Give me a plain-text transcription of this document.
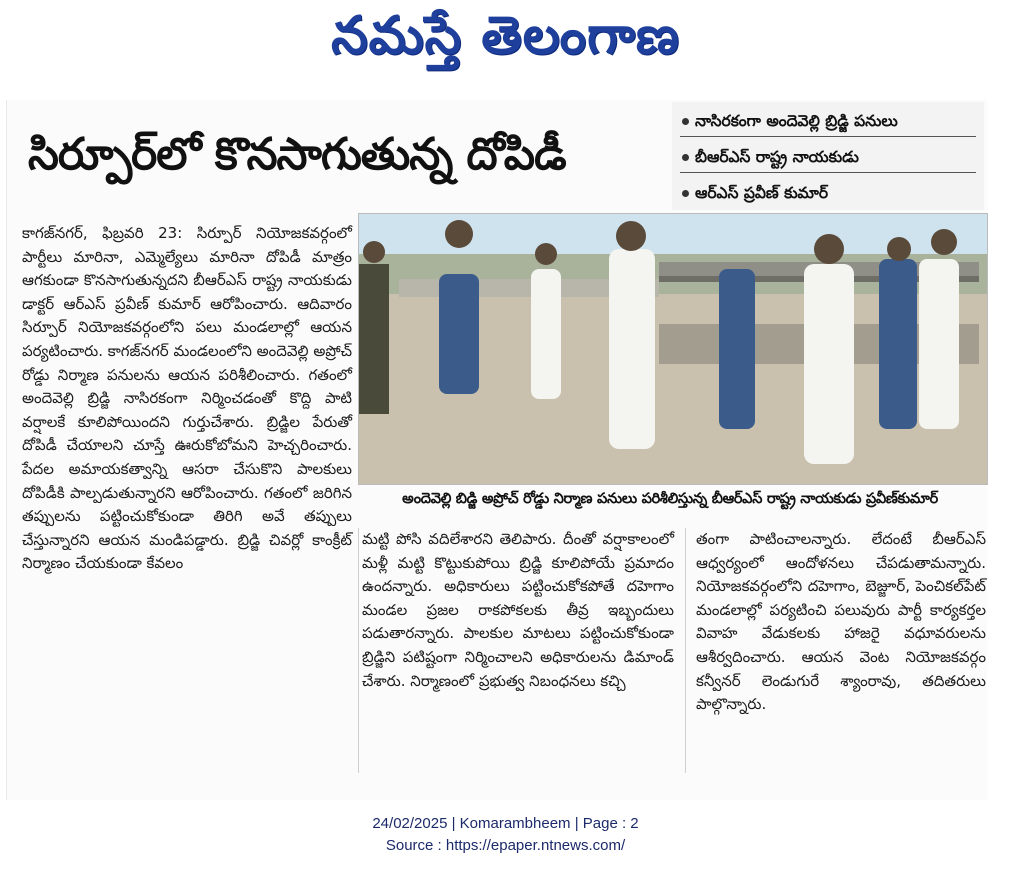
నమస్తే తెలంగాణ
సిర్పూర్‌లో కొనసాగుతున్న దోపిడీ
నాసిరకంగా అందెవెల్లి బ్రిడ్జి పనులు
బీఆర్‌ఎస్ రాష్ట్ర నాయకుడు
ఆర్‌ఎస్ ప్రవీణ్ కుమార్

కాగజ్‌నగర్, ఫిబ్రవరి 23: సిర్పూర్ నియోజకవర్గంలో పార్టీలు మారినా, ఎమ్మెల్యేలు మారినా దోపిడీ మాత్రం ఆగకుండా కొనసాగుతున్నదని బీఆర్‌ఎస్ రాష్ట్ర నాయకుడు డాక్టర్ ఆర్‌ఎస్ ప్రవీణ్ కుమార్ ఆరోపించారు. ఆదివారం సిర్పూర్ నియోజకవర్గంలోని పలు మండలాల్లో ఆయన పర్యటించారు. కాగజ్‌నగర్ మండలంలోని అందెవెల్లి అప్రోచ్ రోడ్డు నిర్మాణ పనులను ఆయన పరిశీలించారు. గతంలో అందెవెల్లి బ్రిడ్జి నాసిరకంగా నిర్మించడంతో కొద్ది పాటి వర్షాలకే కూలిపోయిందని గుర్తుచేశారు. బ్రిడ్జిల పేరుతో దోపిడీ చేయాలని చూస్తే ఊరుకోబోమని హెచ్చరించారు. పేదల అమాయకత్వాన్ని ఆసరా చేసుకొని పాలకులు దోపిడీకి పాల్పడుతున్నారని ఆరోపించారు. గతంలో జరిగిన తప్పులను పట్టించుకోకుండా తిరిగి అవే తప్పులు చేస్తున్నారని ఆయన మండిపడ్డారు. బ్రిడ్జి చివర్లో కాంక్రీట్ నిర్మాణం చేయకుండా కేవలం

అందెవెల్లి బిడ్జి అప్రోచ్ రోడ్డు నిర్మాణ పనులు పరిశీలిస్తున్న బీఆర్‌ఎస్ రాష్ట్ర నాయకుడు ప్రవీణ్‌కుమార్

మట్టి పోసి వదిలేశారని తెలిపారు. దీంతో వర్షాకాలంలో మళ్లీ మట్టి కొట్టుకుపోయి బ్రిడ్జి కూలిపోయే ప్రమాదం ఉందన్నారు. అధికారులు పట్టించుకోకపోతే దహెగాం మండల ప్రజల రాకపోకలకు తీవ్ర ఇబ్బందులు పడుతారన్నారు. పాలకుల మాటలు పట్టించుకోకుండా బ్రిడ్జిని పటిష్టంగా నిర్మించాలని అధికారులను డిమాండ్ చేశారు. నిర్మాణంలో ప్రభుత్వ నిబంధనలు కచ్చి

తంగా పాటించాలన్నారు. లేదంటే బీఆర్‌ఎస్ ఆధ్వర్యంలో ఆందోళనలు చేపడుతామన్నారు. నియోజకవర్గంలోని దహెగాం, బెజ్జూర్, పెంచికల్‌పేట్ మండలాల్లో పర్యటించి పలువురు పార్టీ కార్యకర్తల వివాహ వేడుకలకు హాజరై వధూవరులను ఆశీర్వదించారు. ఆయన వెంట నియోజకవర్గం కన్వీనర్ లెండుగురే శ్యాంరావు, తదితరులు పాల్గొన్నారు.

24/02/2025 | Komarambheem | Page : 2
Source : https://epaper.ntnews.com/
